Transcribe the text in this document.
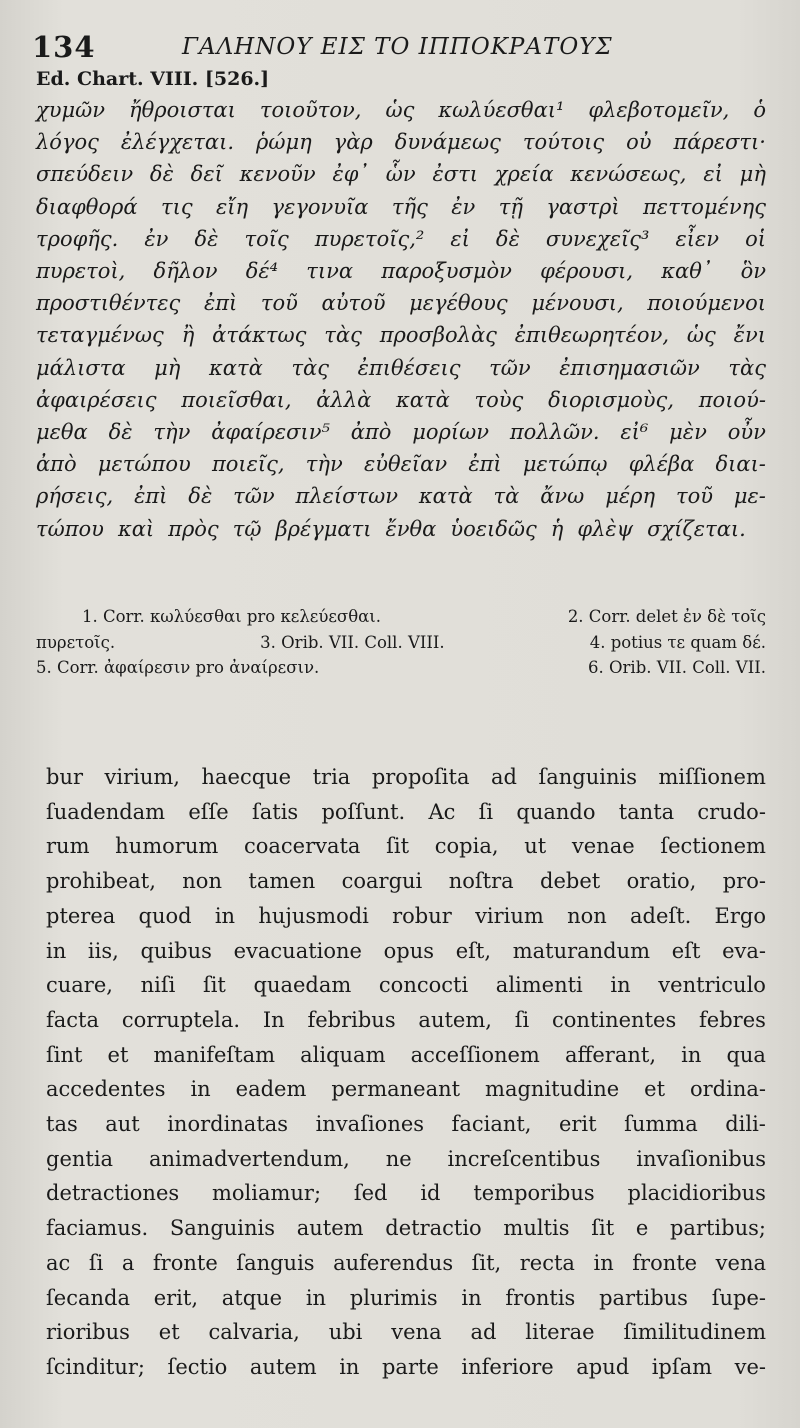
134	ΓΑΛΗΝΟΥ ΕΙΣ ΤΟ ΙΠΠΟΚΡΑΤΟΥΣ
Ed. Chart. VIII. [526.]
χυμῶν ἤθροισται τοιοῦτον, ὡς κωλύεσθαι¹ φλεβοτομεῖν, ὁ
λόγος ἐλέγχεται. ῥώμη γὰρ δυνάμεως τούτοις οὐ πάρεστι·
σπεύδειν δὲ δεῖ κενοῦν ἐφ᾽ ὧν ἐστι χρεία κενώσεως, εἰ μὴ
διαφθορά τις εἴη γεγονυῖα τῆς ἐν τῇ γαστρὶ πεττομένης
τροφῆς. ἐν δὲ τοῖς πυρετοῖς,² εἰ δὲ συνεχεῖς³ εἶεν οἱ
πυρετοὶ, δῆλον δέ⁴ τινα παροξυσμὸν φέρουσι, καθ᾽ ὃν
προστιθέντες ἐπὶ τοῦ αὐτοῦ μεγέθους μένουσι, ποιούμενοι
τεταγμένως ἢ ἀτάκτως τὰς προσβολὰς ἐπιθεωρητέον, ὡς ἔνι
μάλιστα μὴ κατὰ τὰς ἐπιθέσεις τῶν ἐπισημασιῶν τὰς
ἀφαιρέσεις ποιεῖσθαι, ἀλλὰ κατὰ τοὺς διορισμοὺς, ποιού-
μεθα δὲ τὴν ἀφαίρεσιν⁵ ἀπὸ μορίων πολλῶν. εἰ⁶ μὲν οὖν
ἀπὸ μετώπου ποιεῖς, τὴν εὐθεῖαν ἐπὶ μετώπῳ φλέβα διαι-
ρήσεις, ἐπὶ δὲ τῶν πλείστων κατὰ τὰ ἄνω μέρη τοῦ με-
τώπου καὶ πρὸς τῷ βρέγματι ἔνθα ὑοειδῶς ἡ φλὲψ σχίζεται.
1. Corr. κωλύεσθαι pro κελεύεσθαι.	2. Corr. delet ἐν δὲ τοῖς
πυρετοῖς.	3. Orib. VII. Coll. VIII.	4. potius τε quam δέ.
5. Corr. ἀφαίρεσιν pro ἀναίρεσιν.	6. Orib. VII. Coll. VII.
bur virium, haecque tria propoſita ad ſanguinis miſſionem
ſuadendam eſſe ſatis poſſunt. Ac ſi quando tanta crudo-
rum humorum coacervata ſit copia, ut venae ſectionem
prohibeat, non tamen coargui noſtra debet oratio, pro-
pterea quod in hujusmodi robur virium non adeſt. Ergo
in iis, quibus evacuatione opus eſt, maturandum eſt eva-
cuare, niſi ſit quaedam concocti alimenti in ventriculo
facta corruptela. In febribus autem, ſi continentes febres
ſint et manifeſtam aliquam acceſſionem afferant, in qua
accedentes in eadem permaneant magnitudine et ordina-
tas aut inordinatas invaſiones faciant, erit ſumma dili-
gentia animadvertendum, ne increſcentibus invaſionibus
detractiones moliamur; ſed id temporibus placidioribus
faciamus. Sanguinis autem detractio multis ſit e partibus;
ac ſi a fronte ſanguis auferendus ſit, recta in fronte vena
ſecanda erit, atque in plurimis in frontis partibus ſupe-
rioribus et calvaria, ubi vena ad literae ſimilitudinem
ſcinditur; ſectio autem in parte inferiore apud ipſam ve-
